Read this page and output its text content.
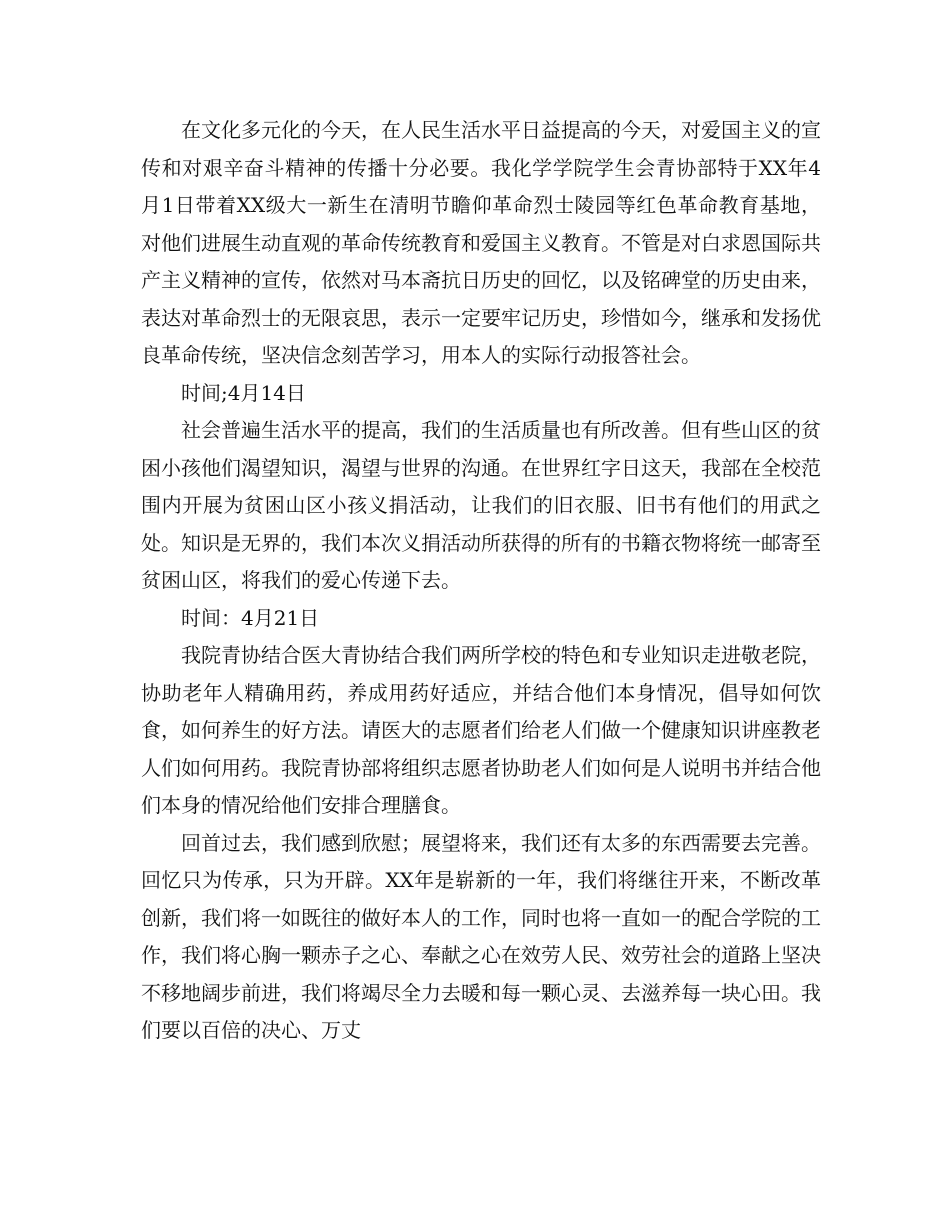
在文化多元化的今天，在人民生活水平日益提高的今天，对爱国主义的宣传和对艰辛奋斗精神的传播十分必要。我化学学院学生会青协部特于XX年4月1日带着XX级大一新生在清明节瞻仰革命烈士陵园等红色革命教育基地，对他们进展生动直观的革命传统教育和爱国主义教育。不管是对白求恩国际共产主义精神的宣传，依然对马本斋抗日历史的回忆，以及铭碑堂的历史由来，表达对革命烈士的无限哀思，表示一定要牢记历史，珍惜如今，继承和发扬优良革命传统，坚决信念刻苦学习，用本人的实际行动报答社会。

时间;4月14日

社会普遍生活水平的提高，我们的生活质量也有所改善。但有些山区的贫困小孩他们渴望知识，渴望与世界的沟通。在世界红字日这天，我部在全校范围内开展为贫困山区小孩义捐活动，让我们的旧衣服、旧书有他们的用武之处。知识是无界的，我们本次义捐活动所获得的所有的书籍衣物将统一邮寄至贫困山区，将我们的爱心传递下去。

时间：4月21日

我院青协结合医大青协结合我们两所学校的特色和专业知识走进敬老院，协助老年人精确用药，养成用药好适应，并结合他们本身情况，倡导如何饮食，如何养生的好方法。请医大的志愿者们给老人们做一个健康知识讲座教老人们如何用药。我院青协部将组织志愿者协助老人们如何是人说明书并结合他们本身的情况给他们安排合理膳食。

回首过去，我们感到欣慰；展望将来，我们还有太多的东西需要去完善。回忆只为传承，只为开辟。XX年是崭新的一年，我们将继往开来，不断改革创新，我们将一如既往的做好本人的工作，同时也将一直如一的配合学院的工作，我们将心胸一颗赤子之心、奉献之心在效劳人民、效劳社会的道路上坚决不移地阔步前进，我们将竭尽全力去暖和每一颗心灵、去滋养每一块心田。我们要以百倍的决心、万丈
